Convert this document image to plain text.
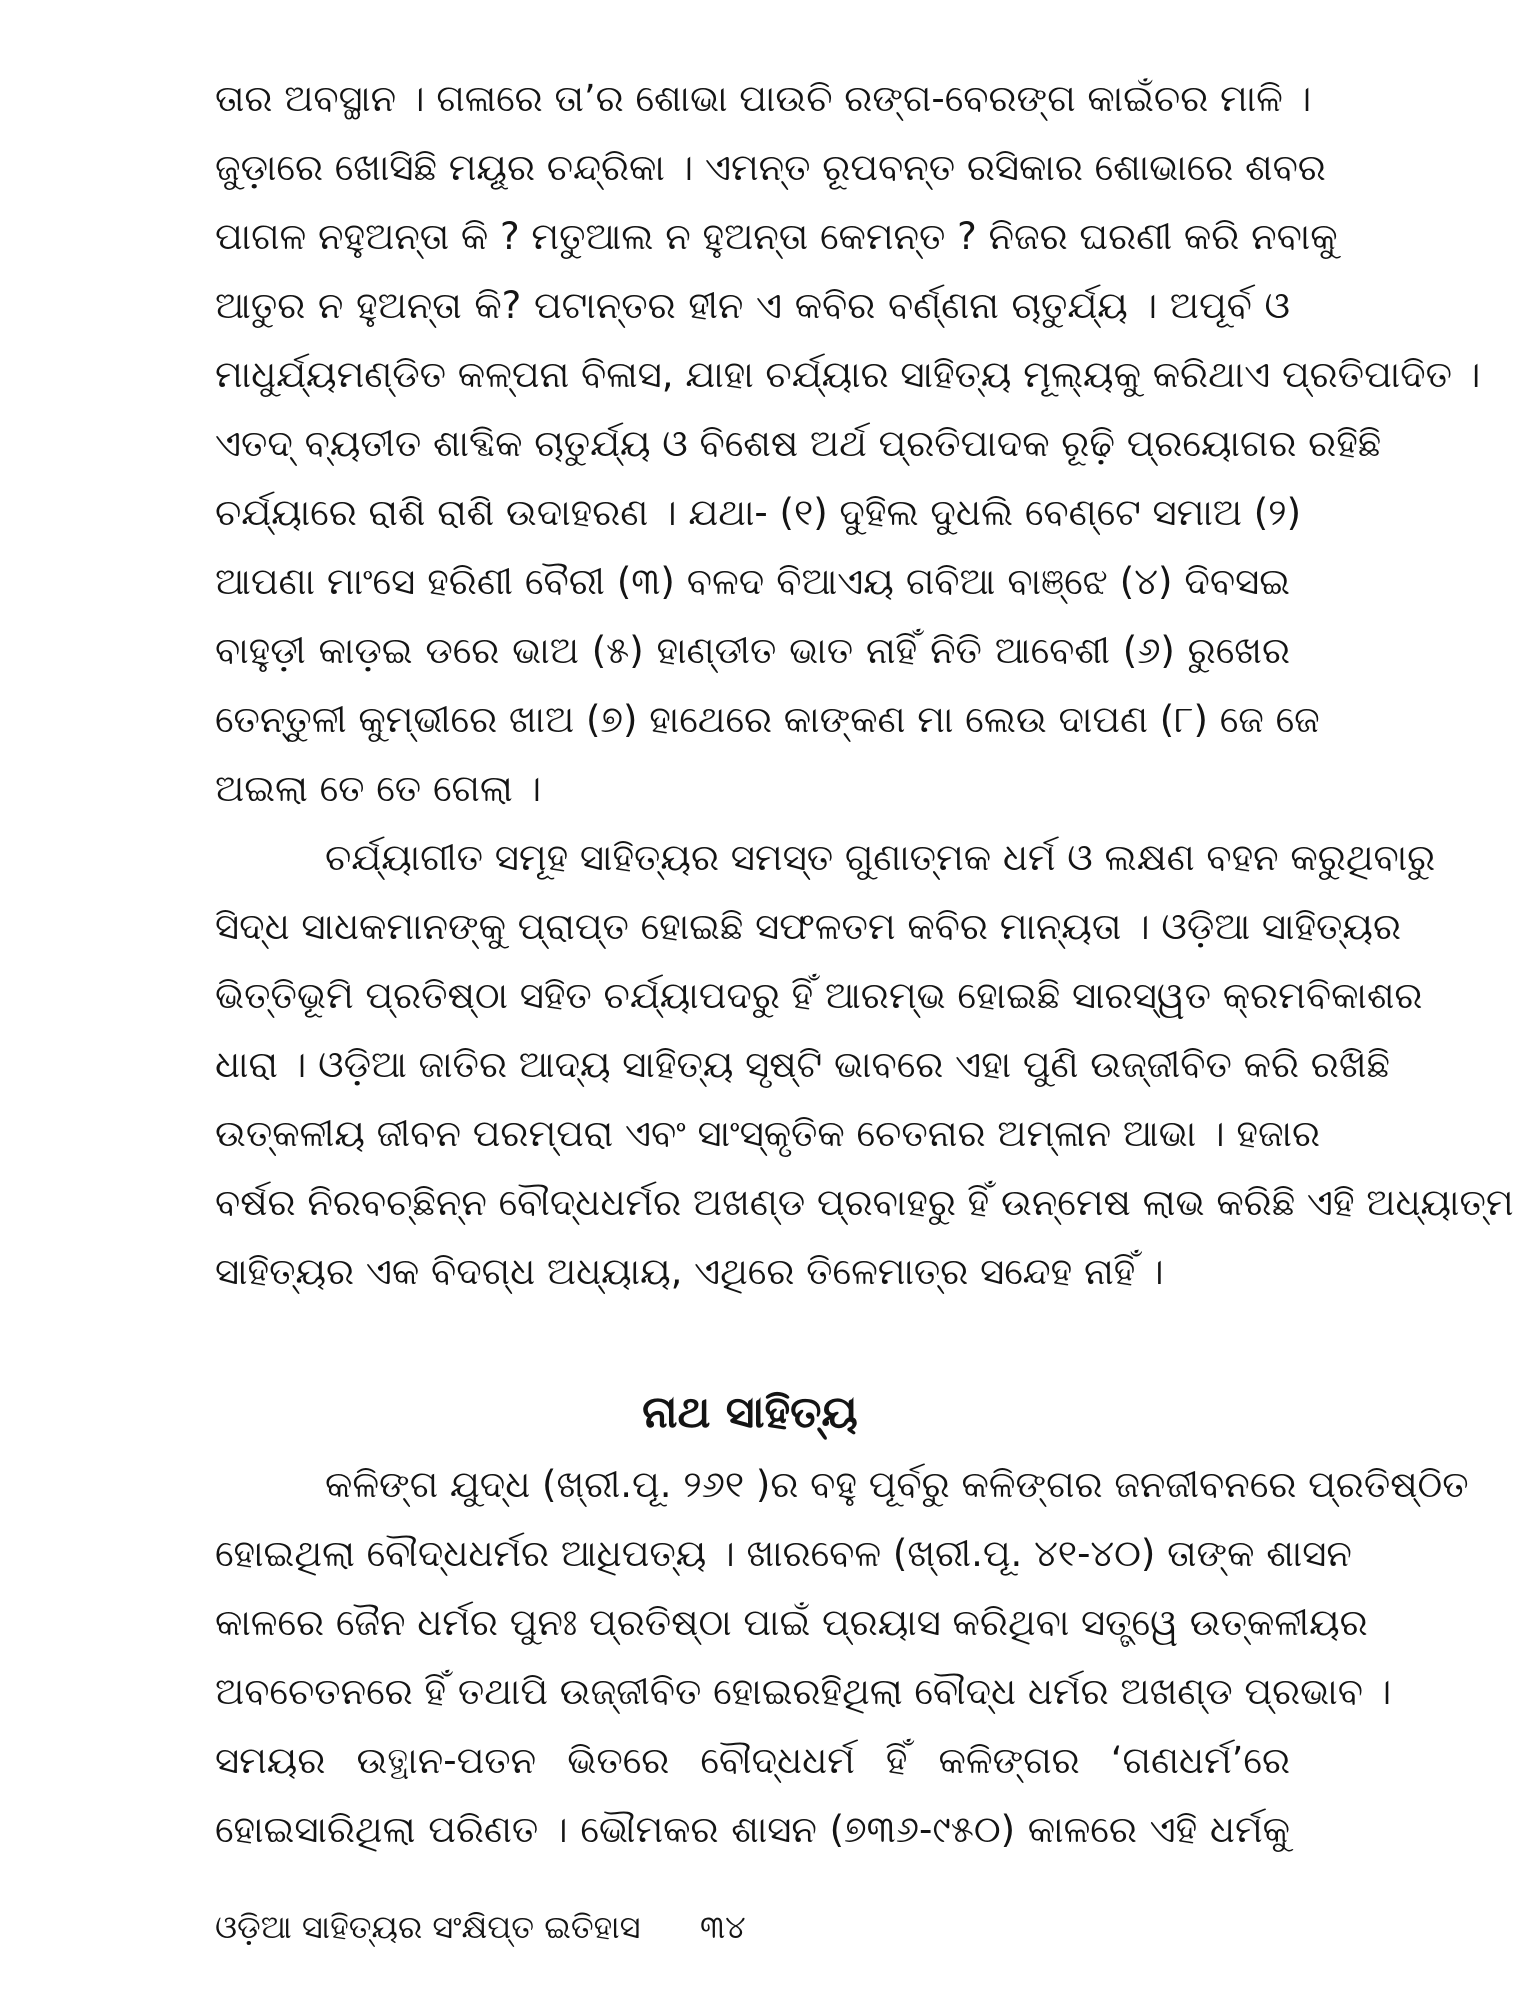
ତାର ଅବସ୍ଥାନ । ଗଳାରେ ତା’ର ଶୋଭା ପାଉଚି ରଙ୍ଗ-ବେରଙ୍ଗ କାଇଁଚର ମାଳି ।
ଜୁଡ଼ାରେ ଖୋସିଛି ମୟୂର ଚନ୍ଦ୍ରିକା । ଏମନ୍ତ ରୂପବନ୍ତ ରସିକାର ଶୋଭାରେ ଶବର
ପାଗଳ ନହୁଅନ୍ତା କି ? ମତୁଆଲ ନ ହୁଅନ୍ତା କେମନ୍ତ ? ନିଜର ଘରଣୀ କରି ନବାକୁ
ଆତୁର ନ ହୁଅନ୍ତା କି? ପଟାନ୍ତର ହୀନ ଏ କବିର ବର୍ଣ୍ଣନା ଚାତୁର୍ଯ୍ୟ । ଅପୂର୍ବ ଓ
ମାଧୁର୍ଯ୍ୟମଣ୍ଡିତ କଳ୍ପନା ବିଳାସ, ଯାହା ଚର୍ଯ୍ୟାର ସାହିତ୍ୟ ମୂଲ୍ୟକୁ କରିଥାଏ ପ୍ରତିପାଦିତ ।
ଏତଦ୍ ବ୍ୟତୀତ ଶାବ୍ଦିକ ଚାତୁର୍ଯ୍ୟ ଓ ବିଶେଷ ଅର୍ଥ ପ୍ରତିପାଦକ ରୂଢ଼ି ପ୍ରୟୋଗର ରହିଛି
ଚର୍ଯ୍ୟାରେ ରାଶି ରାଶି ଉଦାହରଣ । ଯଥା- (୧) ଦୁହିଲ ଦୁଧଲି ବେଣ୍ଟେ ସମାଅ (୨)
ଆପଣା ମାଂସେ ହରିଣୀ ବୈରୀ (୩) ବଳଦ ବିଆଏୟ ଗବିଆ ବାଞ୍ଝେ (୪) ଦିବସଇ
ବାହୁଡ଼ୀ କାଡ଼ଇ ଡରେ ଭାଅ (୫) ହାଣ୍ଡୀତ ଭାତ ନାହିଁ ନିତି ଆବେଶୀ (୬) ରୁଖେର
ତେନ୍ତୁଳୀ କୁମ୍ଭୀରେ ଖାଅ (୭) ହାଥେରେ କାଙ୍କଣ ମା ଲେଉ ଦାପଣ (୮) ଜେ ଜେ
ଅଇଲା ତେ ତେ ଗେଲା ।
ଚର୍ଯ୍ୟାଗୀତ ସମୂହ ସାହିତ୍ୟର ସମସ୍ତ ଗୁଣାତ୍ମକ ଧର୍ମ ଓ ଲକ୍ଷଣ ବହନ କରୁଥିବାରୁ
ସିଦ୍ଧ ସାଧକମାନଙ୍କୁ ପ୍ରାପ୍ତ ହୋଇଛି ସଫଳତମ କବିର ମାନ୍ୟତା । ଓଡ଼ିଆ ସାହିତ୍ୟର
ଭିତ୍ତିଭୂମି ପ୍ରତିଷ୍ଠା ସହିତ ଚର୍ଯ୍ୟାପଦରୁ ହିଁ ଆରମ୍ଭ ହୋଇଛି ସାରସ୍ୱତ କ୍ରମବିକାଶର
ଧାରା । ଓଡ଼ିଆ ଜାତିର ଆଦ୍ୟ ସାହିତ୍ୟ ସୃଷ୍ଟି ଭାବରେ ଏହା ପୁଣି ଉଜ୍ଜୀବିତ କରି ରଖିଛି
ଉତ୍କଳୀୟ ଜୀବନ ପରମ୍ପରା ଏବଂ ସାଂସ୍କୃତିକ ଚେତନାର ଅମ୍ଳାନ ଆଭା । ହଜାର
ବର୍ଷର ନିରବଚ୍ଛିନ୍ନ ବୌଦ୍ଧଧର୍ମର ଅଖଣ୍ଡ ପ୍ରବାହରୁ ହିଁ ଉନ୍ମେଷ ଲାଭ କରିଛି ଏହି ଅଧ୍ୟାତ୍ମ
ସାହିତ୍ୟର ଏକ ବିଦଗ୍ଧ ଅଧ୍ୟାୟ, ଏଥିରେ ତିଳେମାତ୍ର ସନ୍ଦେହ ନାହିଁ ।
ନାଥ ସାହିତ୍ୟ
କଳିଙ୍ଗ ଯୁଦ୍ଧ (ଖ୍ରୀ.ପୂ. ୨୬୧ )ର ବହୁ ପୂର୍ବରୁ କଳିଙ୍ଗର ଜନଜୀବନରେ ପ୍ରତିଷ୍ଠିତ
ହୋଇଥିଲା ବୌଦ୍ଧଧର୍ମର ଆଧିପତ୍ୟ । ଖାରବେଳ (ଖ୍ରୀ.ପୂ. ୪୧-୪୦) ତାଙ୍କ ଶାସନ
କାଳରେ ଜୈନ ଧର୍ମର ପୁନଃ ପ୍ରତିଷ୍ଠା ପାଇଁ ପ୍ରୟାସ କରିଥିବା ସତ୍ତ୍ୱେ ଉତ୍କଳୀୟର
ଅବଚେତନରେ ହିଁ ତଥାପି ଉଜ୍ଜୀବିତ ହୋଇରହିଥିଲା ବୌଦ୍ଧ ଧର୍ମର ଅଖଣ୍ଡ ପ୍ରଭାବ ।
ସମୟର ଉତ୍ଥାନ-ପତନ ଭିତରେ ବୌଦ୍ଧଧର୍ମ ହିଁ କଳିଙ୍ଗର ‘ଗଣଧର୍ମ’ରେ
ହୋଇସାରିଥିଲା ପରିଣତ । ଭୌମକର ଶାସନ (୭୩୬-୯୫୦) କାଳରେ ଏହି ଧର୍ମକୁ
ଓଡ଼ିଆ ସାହିତ୍ୟର ସଂକ୍ଷିପ୍ତ ଇତିହାସ ୩୪
